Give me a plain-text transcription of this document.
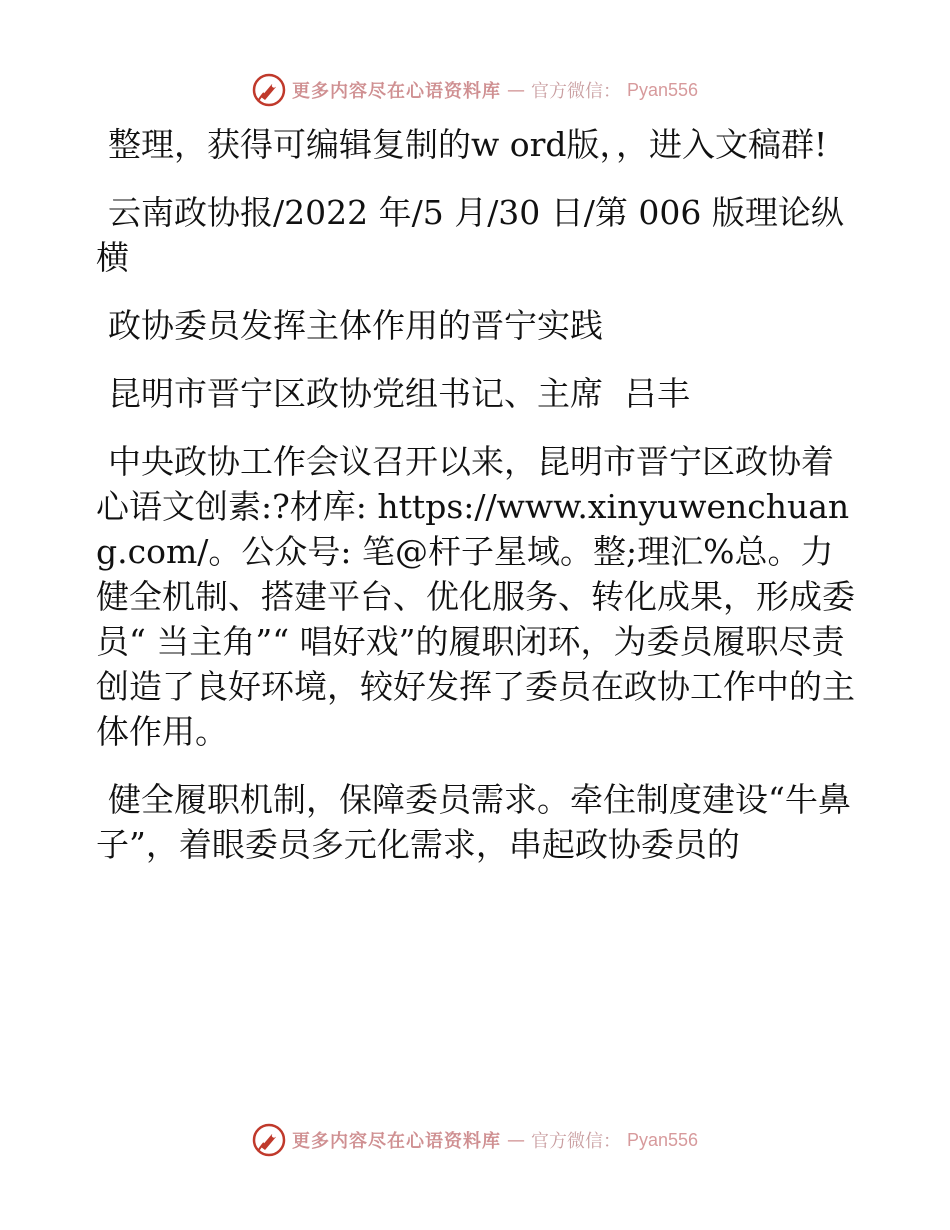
更多内容尽在心语资料库 — 官方微信： Pyan556

整理，获得可编辑复制的w ord版，，进入文稿群!

云南政协报/2022 年/5 月/30 日/第 006 版理论纵横

政协委员发挥主体作用的晋宁实践

昆明市晋宁区政协党组书记、主席  吕丰

中央政协工作会议召开以来，昆明市晋宁区政协着心语文创素:?材库: https://www.xinyuwenchuang.com/。公众号: 笔@杆子星域。整;理汇%总。力健全机制、搭建平台、优化服务、转化成果，形成委员“ 当主角”“ 唱好戏”的履职闭环，为委员履职尽责创造了良好环境，较好发挥了委员在政协工作中的主体作用。

健全履职机制，保障委员需求。牵住制度建设“牛鼻子”，着眼委员多元化需求，串起政协委员的

更多内容尽在心语资料库 — 官方微信： Pyan556
